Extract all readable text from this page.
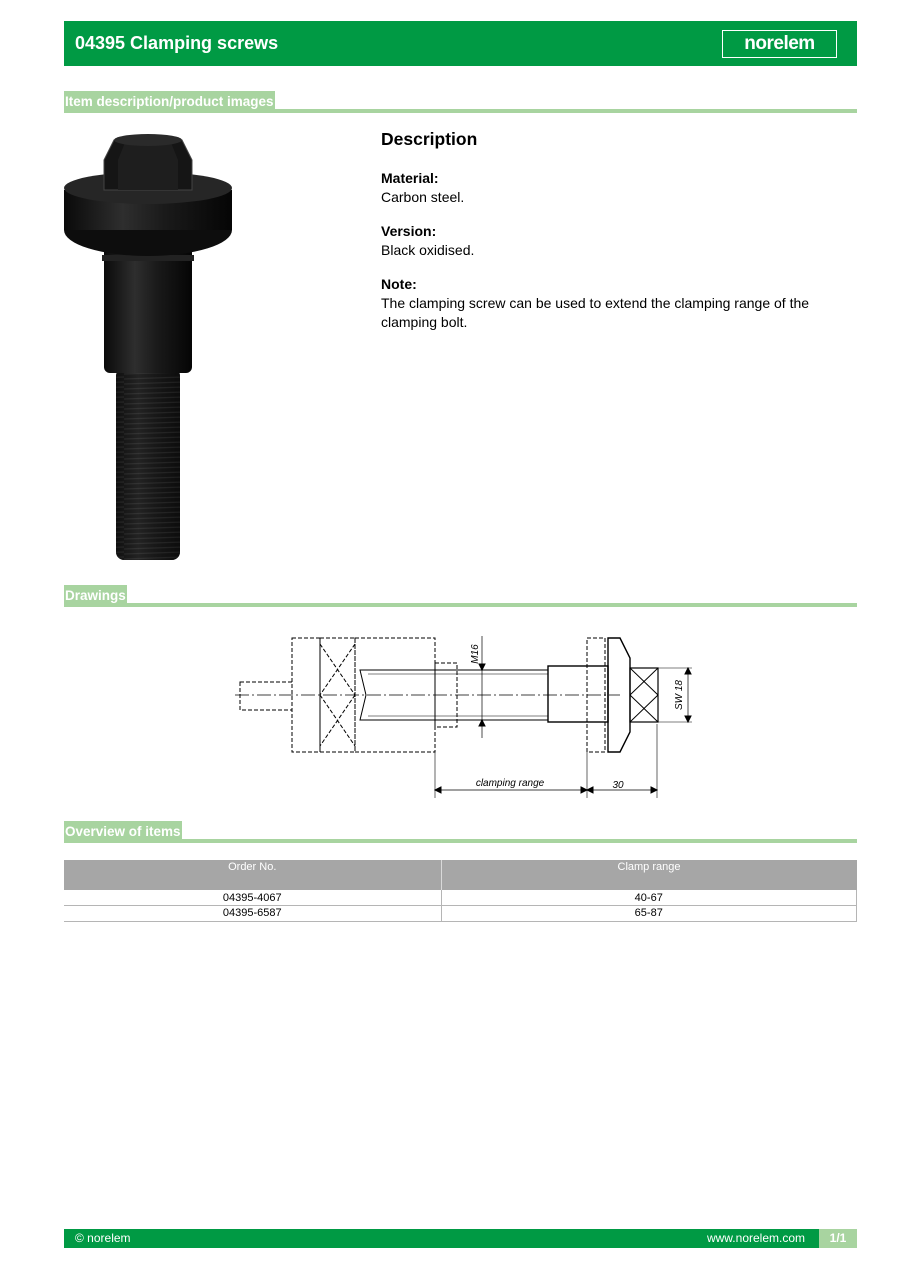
04395 Clamping screws	norelem
Item description/product images
Description
Material:
Carbon steel.
Version:
Black oxidised.
Note:
The clamping screw can be used to extend the clamping range of the clamping bolt.
Drawings
M16
SW 18
clamping range	30
Overview of items
Order No.	Clamp range
04395-4067	40-67
04395-6587	65-87
© norelem	www.norelem.com	1/1
